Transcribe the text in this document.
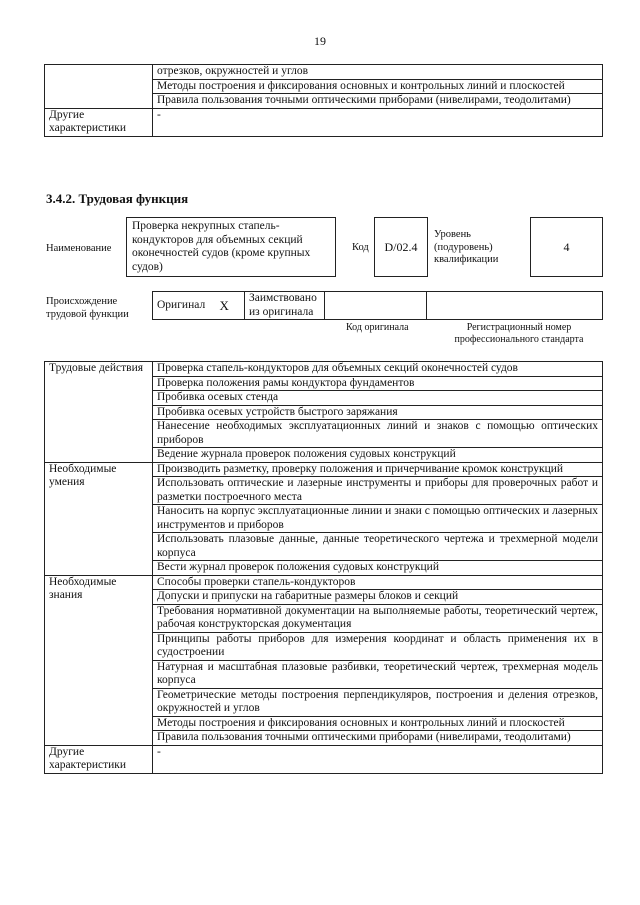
19
	отрезков, окружностей и углов
	Методы построения и фиксирования основных и контрольных линий и плоскостей
	Правила пользования точными оптическими приборами (нивелирами, теодолитами)
Другие характеристики	-
3.4.2. Трудовая функция
Наименование
Проверка некрупных стапель-кондукторов для объемных секций оконечностей судов (кроме крупных судов)
Код	D/02.4
Уровень (подуровень) квалификации
4
Происхождение трудовой функции
Оригинал	X	Заимствовано из оригинала		
Код оригинала	Регистрационный номер профессионального стандарта
Трудовые действия	Проверка стапель-кондукторов для объемных секций оконечностей судов
	Проверка положения рамы кондуктора фундаментов
	Пробивка осевых стенда
	Пробивка осевых устройств быстрого заряжания
	Нанесение необходимых эксплуатационных линий и знаков с помощью оптических приборов
	Ведение журнала проверок положения судовых конструкций
Необходимые умения	Производить разметку, проверку положения и причерчивание кромок конструкций
	Использовать оптические и лазерные инструменты и приборы для проверочных работ и разметки построечного места
	Наносить на корпус эксплуатационные линии и знаки с помощью оптических и лазерных инструментов и приборов
	Использовать плазовые данные, данные теоретического чертежа и трехмерной модели корпуса
	Вести журнал проверок положения судовых конструкций
Необходимые знания	Способы проверки стапель-кондукторов
	Допуски и припуски на габаритные размеры блоков и секций
	Требования нормативной документации на выполняемые работы, теоретический чертеж, рабочая конструкторская документация
	Принципы работы приборов для измерения координат и область применения их в судостроении
	Натурная и масштабная плазовые разбивки, теоретический чертеж, трехмерная модель корпуса
	Геометрические методы построения перпендикуляров, построения и деления отрезков, окружностей и углов
	Методы построения и фиксирования основных и контрольных линий и плоскостей
	Правила пользования точными оптическими приборами (нивелирами, теодолитами)
Другие характеристики	-
